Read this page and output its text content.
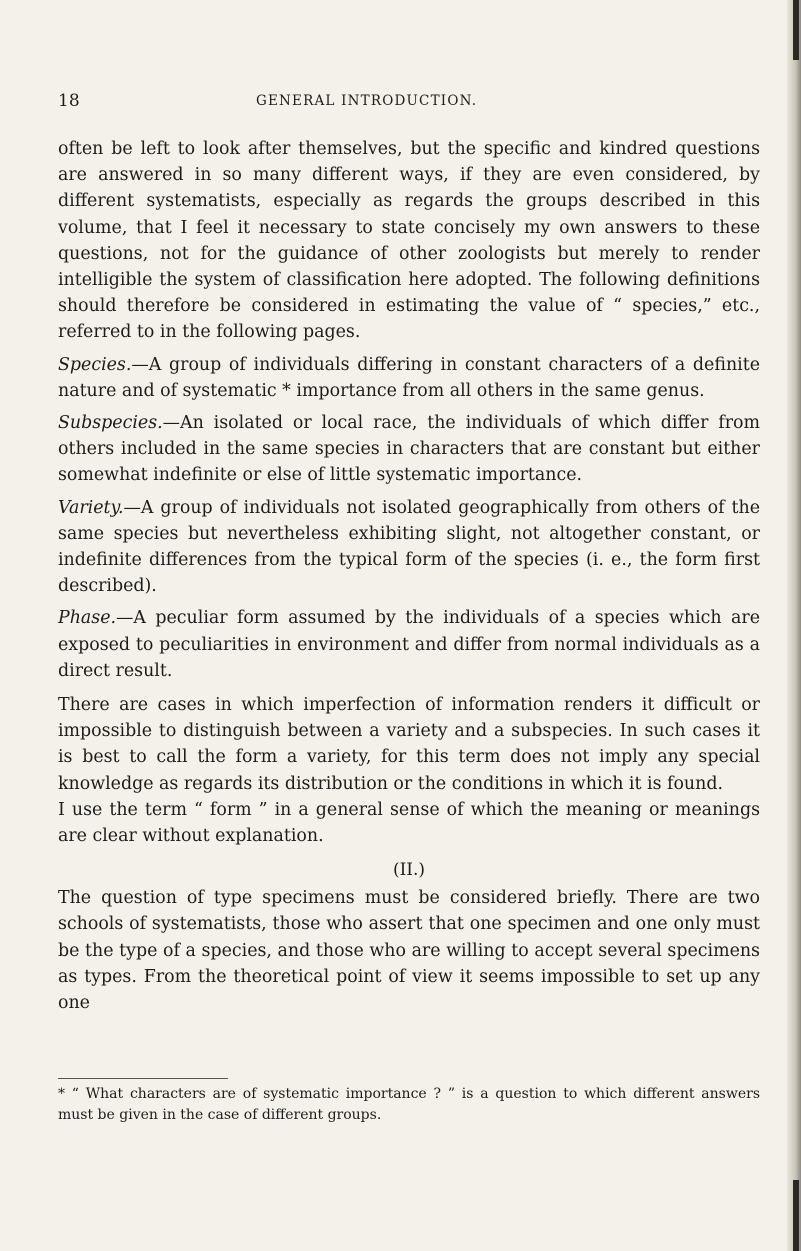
18	GENERAL INTRODUCTION.

often be left to look after themselves, but the specific and kindred questions are answered in so many different ways, if they are even considered, by different systematists, especially as regards the groups described in this volume, that I feel it necessary to state concisely my own answers to these questions, not for the guidance of other zoologists but merely to render intelligible the system of classification here adopted. The following definitions should therefore be considered in estimating the value of “ species,” etc., referred to in the following pages.

Species.—A group of individuals differing in constant characters of a definite nature and of systematic * importance from all others in the same genus.

Subspecies.—An isolated or local race, the individuals of which differ from others included in the same species in characters that are constant but either somewhat indefinite or else of little systematic importance.

Variety.—A group of individuals not isolated geographically from others of the same species but nevertheless exhibiting slight, not altogether constant, or indefinite differences from the typical form of the species (i. e., the form first described).

Phase.—A peculiar form assumed by the individuals of a species which are exposed to peculiarities in environment and differ from normal individuals as a direct result.

There are cases in which imperfection of information renders it difficult or impossible to distinguish between a variety and a subspecies. In such cases it is best to call the form a variety, for this term does not imply any special knowledge as regards its distribution or the conditions in which it is found.

I use the term “ form ” in a general sense of which the meaning or meanings are clear without explanation.

(II.)

The question of type specimens must be considered briefly. There are two schools of systematists, those who assert that one specimen and one only must be the type of a species, and those who are willing to accept several specimens as types. From the theoretical point of view it seems impossible to set up any one

* “ What characters are of systematic importance ? ” is a question to which different answers must be given in the case of different groups.
